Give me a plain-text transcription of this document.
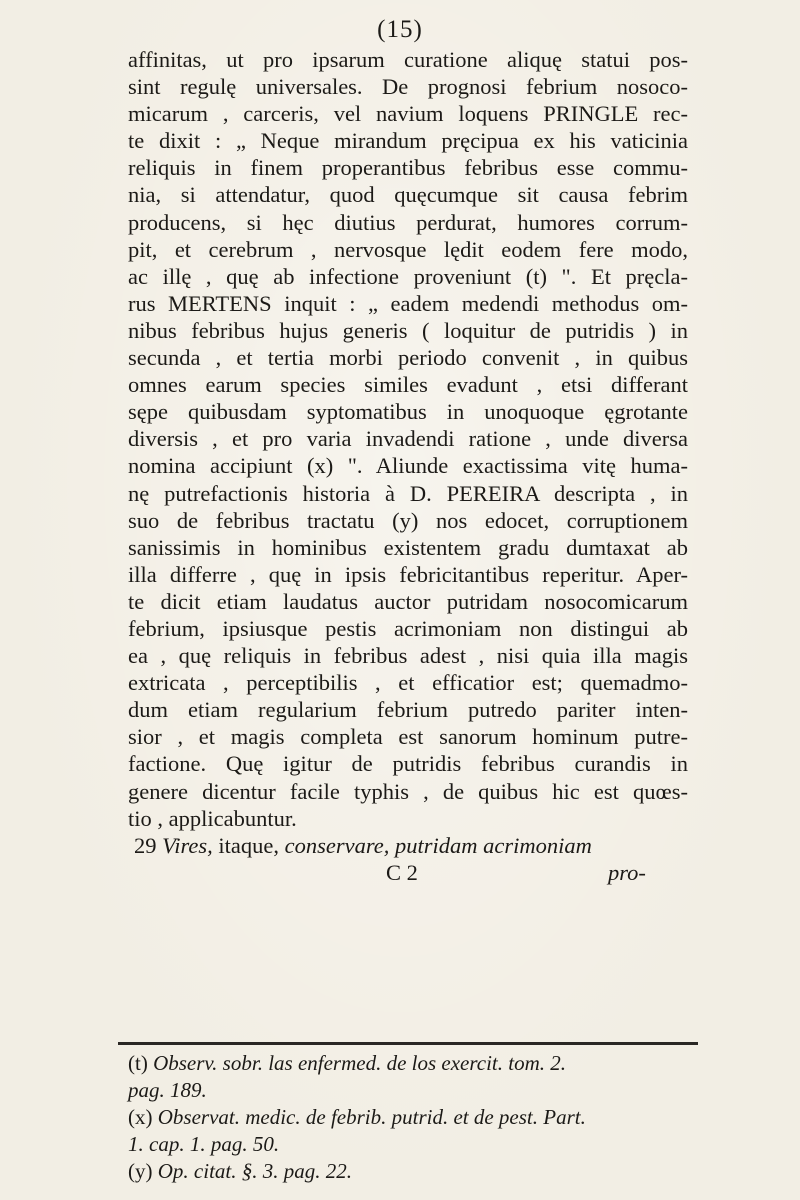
(15)
affinitas, ut pro ipsarum curatione aliquę statui pos-
sint regulę universales. De prognosi febrium nosoco-
micarum , carceris, vel navium loquens PRINGLE rec-
te dixit : „ Neque mirandum pręcipua ex his vaticinia
reliquis in finem properantibus febribus esse commu-
nia, si attendatur, quod quęcumque sit causa febrim
producens, si hęc diutius perdurat, humores corrum-
pit, et cerebrum , nervosque lędit eodem fere modo,
ac illę , quę ab infectione proveniunt (t) ". Et pręcla-
rus MERTENS inquit : „ eadem medendi methodus om-
nibus febribus hujus generis ( loquitur de putridis ) in
secunda , et tertia morbi periodo convenit , in quibus
omnes earum species similes evadunt , etsi differant
sępe quibusdam syptomatibus in unoquoque ęgrotante
diversis , et pro varia invadendi ratione , unde diversa
nomina accipiunt (x) ". Aliunde exactissima vitę huma-
nę putrefactionis historia à D. PEREIRA descripta , in
suo de febribus tractatu (y) nos edocet, corruptionem
sanissimis in hominibus existentem gradu dumtaxat ab
illa differre , quę in ipsis febricitantibus reperitur. Aper-
te dicit etiam laudatus auctor putridam nosocomicarum
febrium, ipsiusque pestis acrimoniam non distingui ab
ea , quę reliquis in febribus adest , nisi quia illa magis
extricata , perceptibilis , et efficatior est; quemadmo-
dum etiam regularium febrium putredo pariter inten-
sior , et magis completa est sanorum hominum putre-
factione. Quę igitur de putridis febribus curandis in
genere dicentur facile typhis , de quibus hic est quœs-
tio , applicabuntur.
29 Vires, itaque, conservare, putridam acrimoniam
C 2	pro-
(t) Observ. sobr. las enfermed. de los exercit. tom. 2.
pag. 189.
(x) Observat. medic. de febrib. putrid. et de pest. Part.
1. cap. 1. pag. 50.
(y) Op. citat. §. 3. pag. 22.
